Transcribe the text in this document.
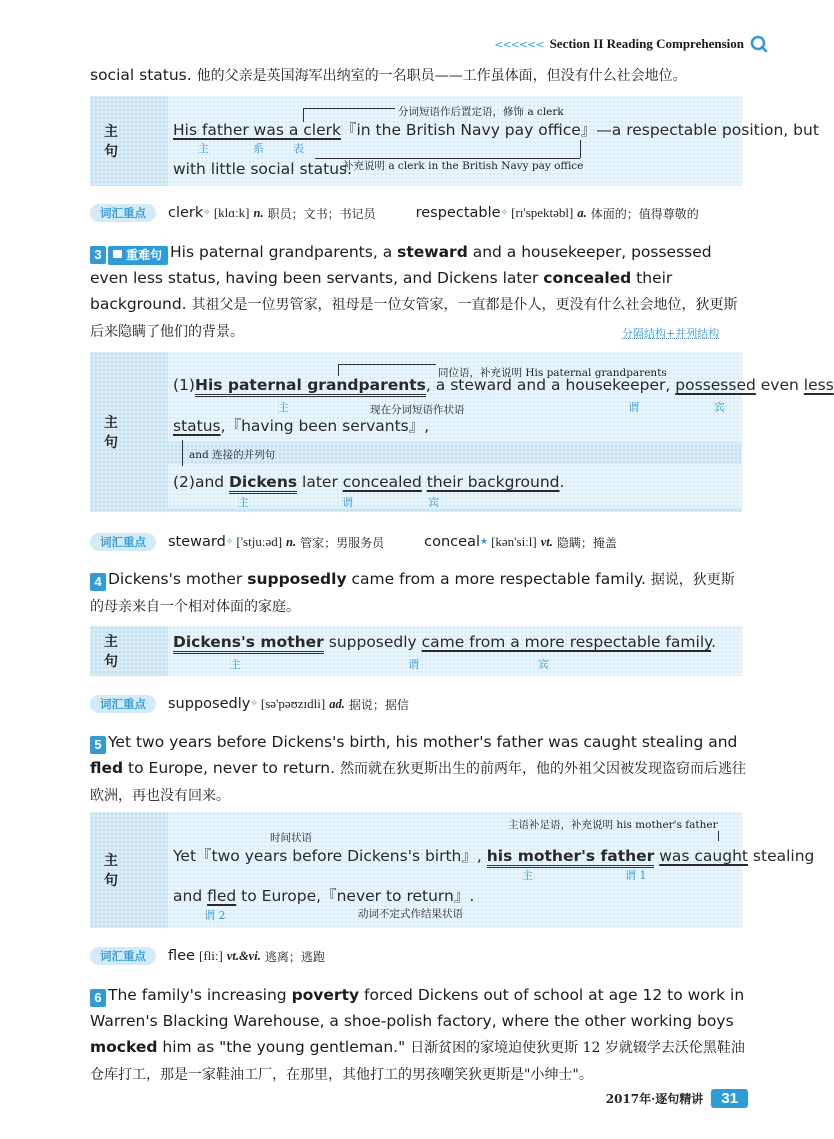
<<<<<< Section II Reading Comprehension
social status. 他的父亲是英国海军出纳室的一名职员——工作虽体面，但没有什么社会地位。
主 句
分词短语作后置定语，修饰 a clerk
His father was a clerk『in the British Navy pay office』—a respectable position, but
主	系	表
补充说明 a clerk in the British Navy pay office
with little social status.
词汇重点	clerk ✧ [klɑːk] n. 职员；文书；书记员	respectable ✧ [rɪ'spektəbl] a. 体面的；值得尊敬的
3 重难句 His paternal grandparents, a steward and a housekeeper, possessed even less status, having been servants, and Dickens later concealed their background. 其祖父是一位男管家，祖母是一位女管家，一直都是仆人，更没有什么社会地位，狄更斯后来隐瞒了他们的背景。	分隔结构+并列结构
主 句
同位语，补充说明 His paternal grandparents
(1)His paternal grandparents, a steward and a housekeeper, possessed even less
主	谓	宾
现在分词短语作状语
status,『having been servants』,
and 连接的并列句
(2)and Dickens later concealed their background.
主	谓	宾
词汇重点	steward ✧ ['stjuːəd] n. 管家；男服务员	conceal ★ [kən'siːl] vt. 隐瞒；掩盖
4 Dickens's mother supposedly came from a more respectable family. 据说，狄更斯的母亲来自一个相对体面的家庭。
主 句
Dickens's mother supposedly came from a more respectable family.
主	谓	宾
词汇重点	supposedly ✧ [sə'pəʊzɪdli] ad. 据说；据信
5 Yet two years before Dickens's birth, his mother's father was caught stealing and fled to Europe, never to return. 然而就在狄更斯出生的前两年，他的外祖父因被发现盗窃而后逃往欧洲，再也没有回来。
主 句
时间状语
主语补足语，补充说明 his mother's father
Yet『two years before Dickens's birth』, his mother's father was caught stealing
主	谓 1
and fled to Europe,『never to return』.
谓 2	动词不定式作结果状语
词汇重点	flee [fliː] vt.&vi. 逃离；逃跑
6 The family's increasing poverty forced Dickens out of school at age 12 to work in Warren's Blacking Warehouse, a shoe-polish factory, where the other working boys mocked him as "the young gentleman." 日渐贫困的家境迫使狄更斯 12 岁就辍学去沃伦黑鞋油仓库打工，那是一家鞋油工厂，在那里，其他打工的男孩嘲笑狄更斯是"小绅士"。
2017年·逐句精讲	31
